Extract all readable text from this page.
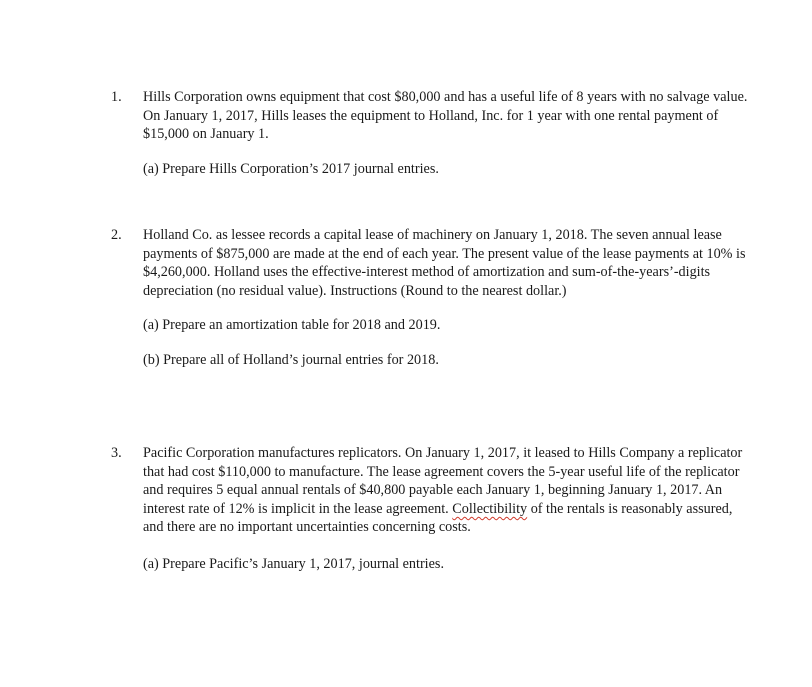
1.	Hills Corporation owns equipment that cost $80,000 and has a useful life of 8 years with no salvage value. On January 1, 2017, Hills leases the equipment to Holland, Inc. for 1 year with one rental payment of $15,000 on January 1.

(a) Prepare Hills Corporation’s 2017 journal entries.

2.	Holland Co. as lessee records a capital lease of machinery on January 1, 2018. The seven annual lease payments of $875,000 are made at the end of each year. The present value of the lease payments at 10% is $4,260,000. Holland uses the effective-interest method of amortization and sum-of-the-years’-digits depreciation (no residual value). Instructions (Round to the nearest dollar.)

(a) Prepare an amortization table for 2018 and 2019.

(b) Prepare all of Holland’s journal entries for 2018.

3.	Pacific Corporation manufactures replicators. On January 1, 2017, it leased to Hills Company a replicator that had cost $110,000 to manufacture. The lease agreement covers the 5-year useful life of the replicator and requires 5 equal annual rentals of $40,800 payable each January 1, beginning January 1, 2017. An interest rate of 12% is implicit in the lease agreement. Collectibility of the rentals is reasonably assured, and there are no important uncertainties concerning costs.

(a) Prepare Pacific’s January 1, 2017, journal entries.
